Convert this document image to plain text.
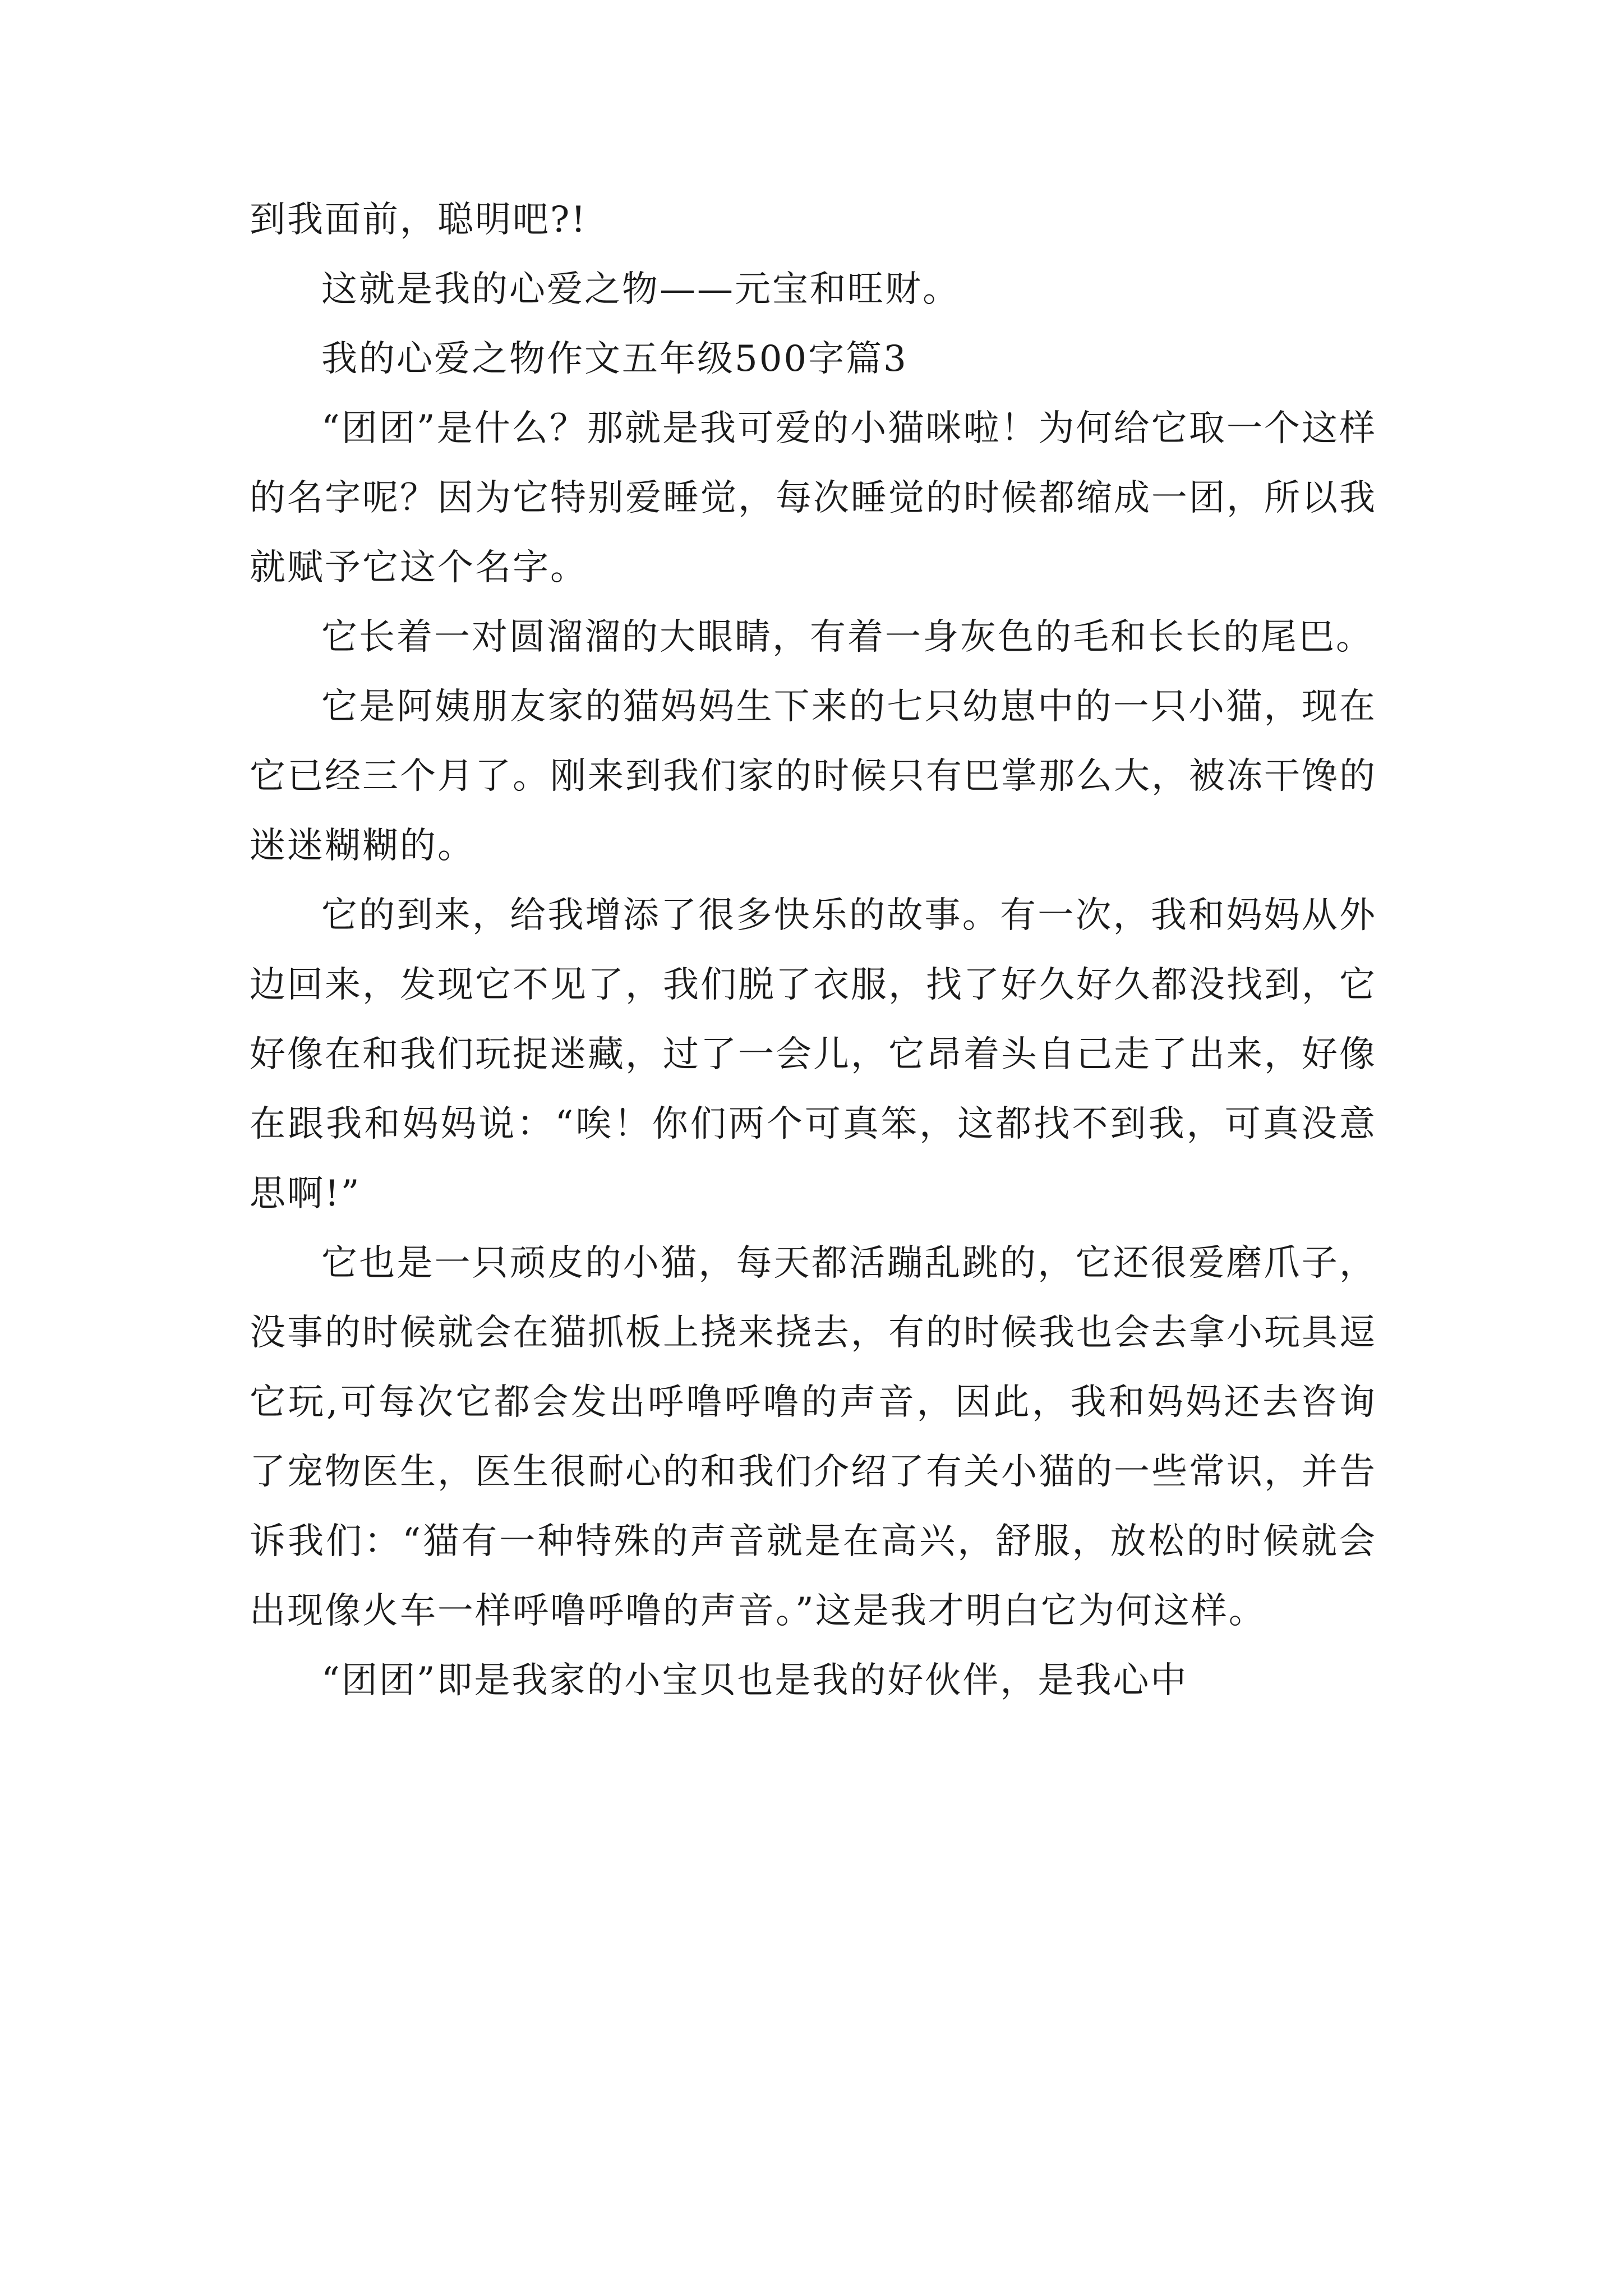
到我面前，聪明吧?!

这就是我的心爱之物——元宝和旺财。

我的心爱之物作文五年级500字篇3

“团团”是什么？那就是我可爱的小猫咪啦！为何给它取一个这样的名字呢？因为它特别爱睡觉，每次睡觉的时候都缩成一团，所以我就赋予它这个名字。

它长着一对圆溜溜的大眼睛，有着一身灰色的毛和长长的尾巴。

它是阿姨朋友家的猫妈妈生下来的七只幼崽中的一只小猫，现在它已经三个月了。刚来到我们家的时候只有巴掌那么大，被冻干馋的迷迷糊糊的。

它的到来，给我增添了很多快乐的故事。有一次，我和妈妈从外边回来，发现它不见了，我们脱了衣服，找了好久好久都没找到，它好像在和我们玩捉迷藏，过了一会儿，它昂着头自己走了出来，好像在跟我和妈妈说：“唉！你们两个可真笨，这都找不到我，可真没意思啊!”

它也是一只顽皮的小猫，每天都活蹦乱跳的，它还很爱磨爪子，没事的时候就会在猫抓板上挠来挠去，有的时候我也会去拿小玩具逗它玩,可每次它都会发出呼噜呼噜的声音，因此，我和妈妈还去咨询了宠物医生，医生很耐心的和我们介绍了有关小猫的一些常识，并告诉我们：“猫有一种特殊的声音就是在高兴，舒服，放松的时候就会出现像火车一样呼噜呼噜的声音。”这是我才明白它为何这样。

“团团”即是我家的小宝贝也是我的好伙伴，是我心中
